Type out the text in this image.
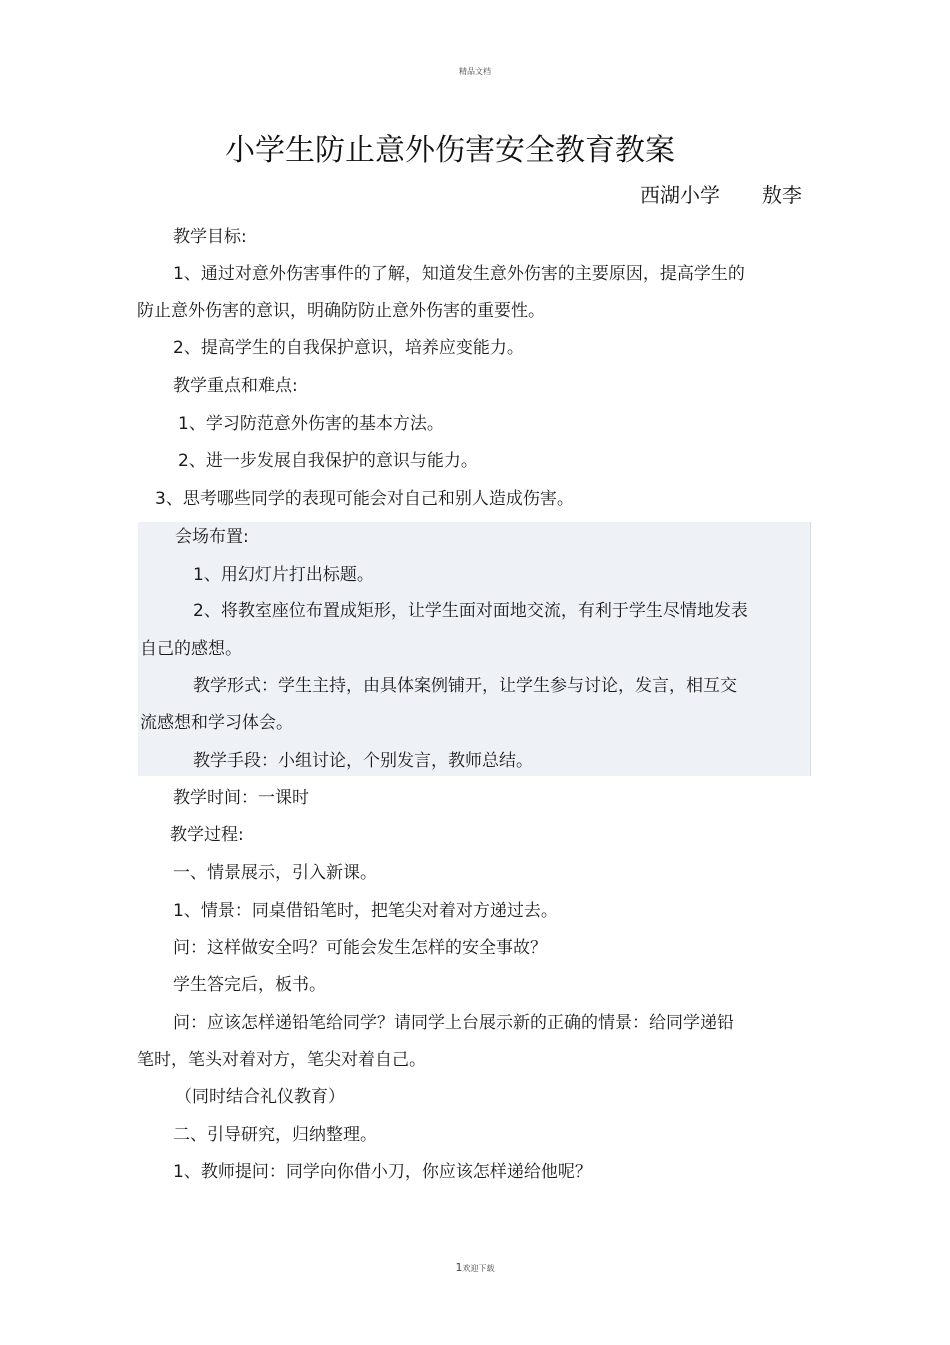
精品文档
小学生防止意外伤害安全教育教案
西湖小学 敖李
教学目标:
1、通过对意外伤害事件的了解，知道发生意外伤害的主要原因，提高学生的
防止意外伤害的意识，明确防防止意外伤害的重要性。
2、提高学生的自我保护意识，培养应变能力。
教学重点和难点:
1、学习防范意外伤害的基本方法。
2、进一步发展自我保护的意识与能力。
3、思考哪些同学的表现可能会对自己和别人造成伤害。
会场布置:
1、用幻灯片打出标题。
2、将教室座位布置成矩形，让学生面对面地交流，有利于学生尽情地发表
自己的感想。
教学形式：学生主持，由具体案例铺开，让学生参与讨论，发言，相互交
流感想和学习体会。
教学手段：小组讨论，个别发言，教师总结。
教学时间：一课时
教学过程:
一、情景展示，引入新课。
1、情景：同桌借铅笔时，把笔尖对着对方递过去。
问：这样做安全吗？可能会发生怎样的安全事故？
学生答完后，板书。
问：应该怎样递铅笔给同学？请同学上台展示新的正确的情景：给同学递铅
笔时，笔头对着对方，笔尖对着自己。
（同时结合礼仪教育）
二、引导研究，归纳整理。
1、教师提问：同学向你借小刀，你应该怎样递给他呢？
1欢迎下载
